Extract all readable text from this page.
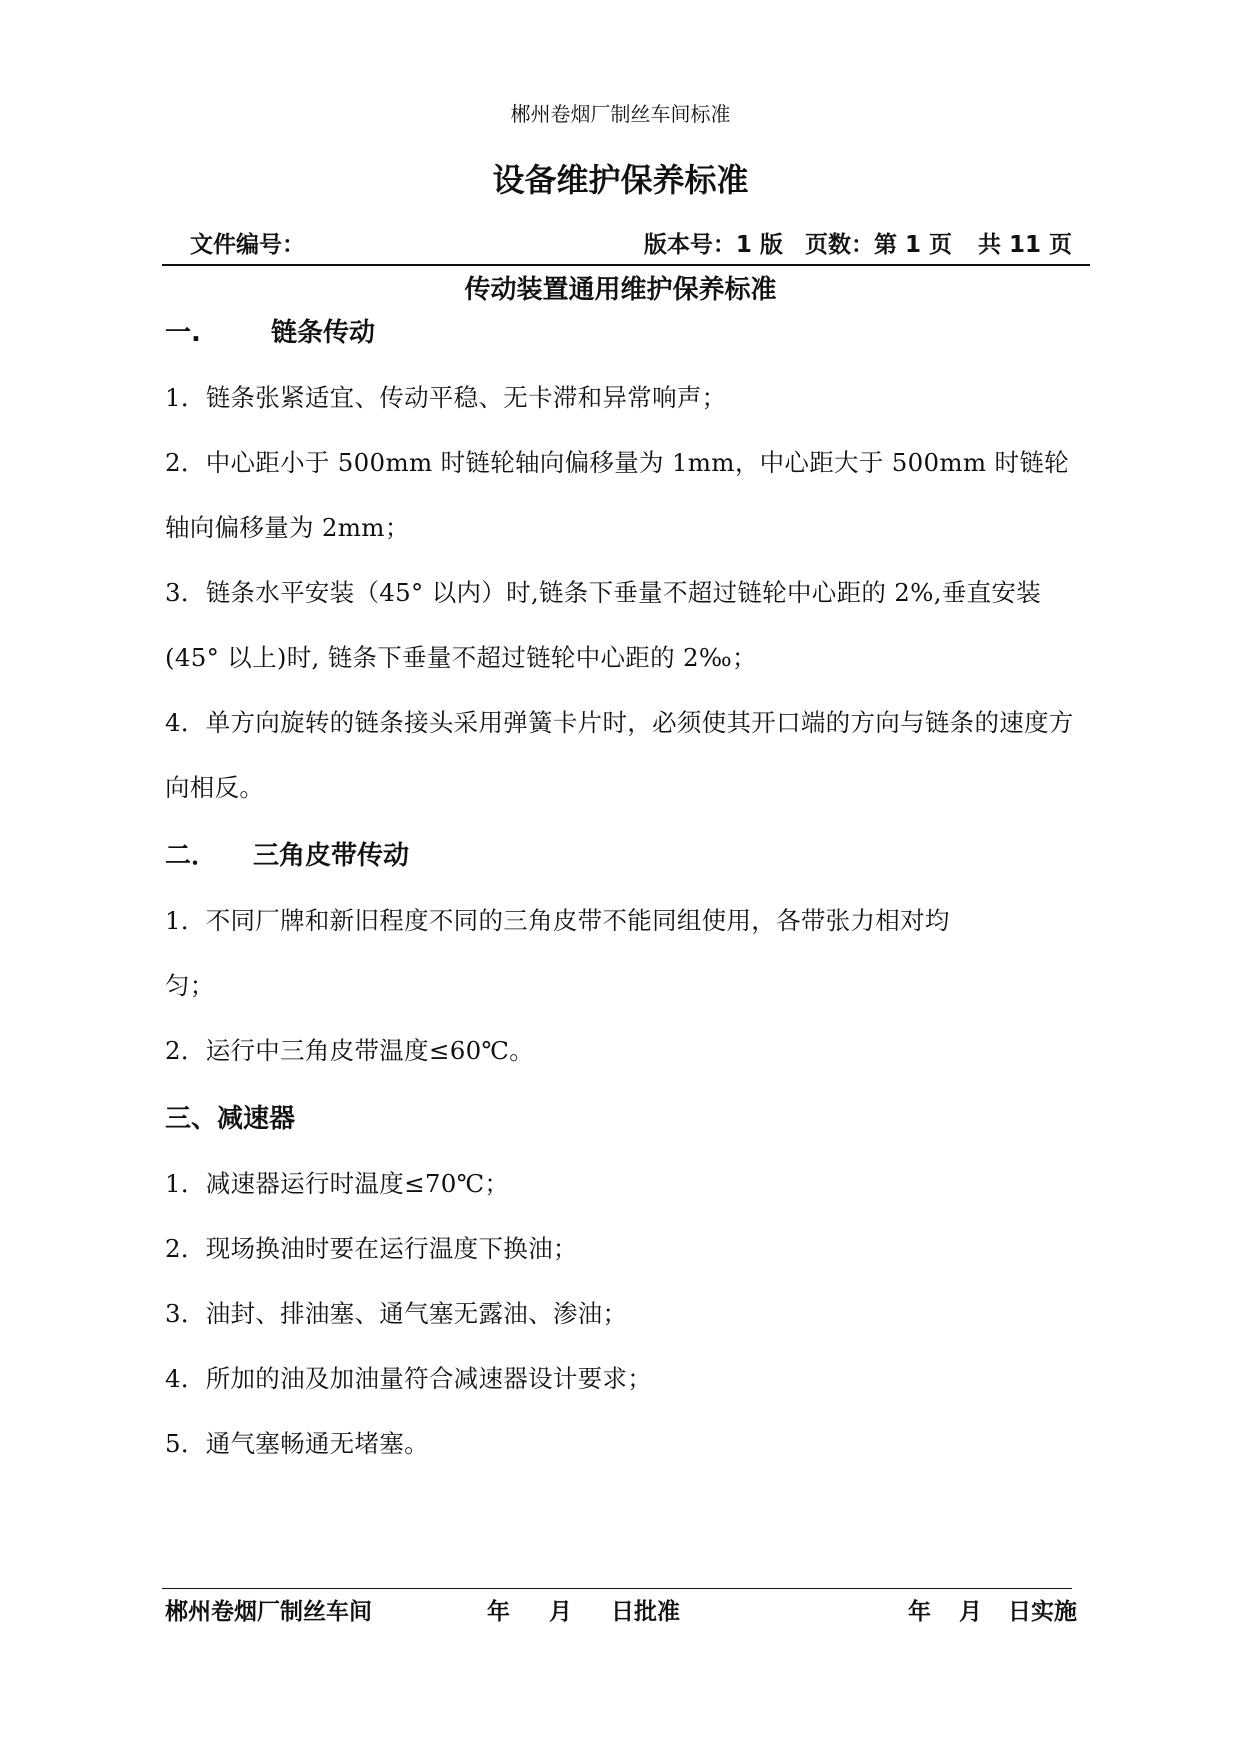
郴州卷烟厂制丝车间标准
设备维护保养标准
文件编号：	版本号：1 版 页数：第 1 页 共 11 页
传动装置通用维护保养标准
一.	链条传动

1．链条张紧适宜、传动平稳、无卡滞和异常响声；

2．中心距小于 500mm 时链轮轴向偏移量为 1mm，中心距大于 500mm 时链轮轴向偏移量为 2mm；

3．链条水平安装（45° 以内）时,链条下垂量不超过链轮中心距的 2%,垂直安装(45° 以上)时, 链条下垂量不超过链轮中心距的 2‰；

4．单方向旋转的链条接头采用弹簧卡片时，必须使其开口端的方向与链条的速度方向相反。

二． 三角皮带传动

1．不同厂牌和新旧程度不同的三角皮带不能同组使用，各带张力相对均匀；

2．运行中三角皮带温度≤60℃。

三、减速器

1．减速器运行时温度≤70℃；

2．现场换油时要在运行温度下换油；

3．油封、排油塞、通气塞无露油、渗油；

4．所加的油及加油量符合减速器设计要求；

5．通气塞畅通无堵塞。

郴州卷烟厂制丝车间	年 月 日批准	年 月 日实施
